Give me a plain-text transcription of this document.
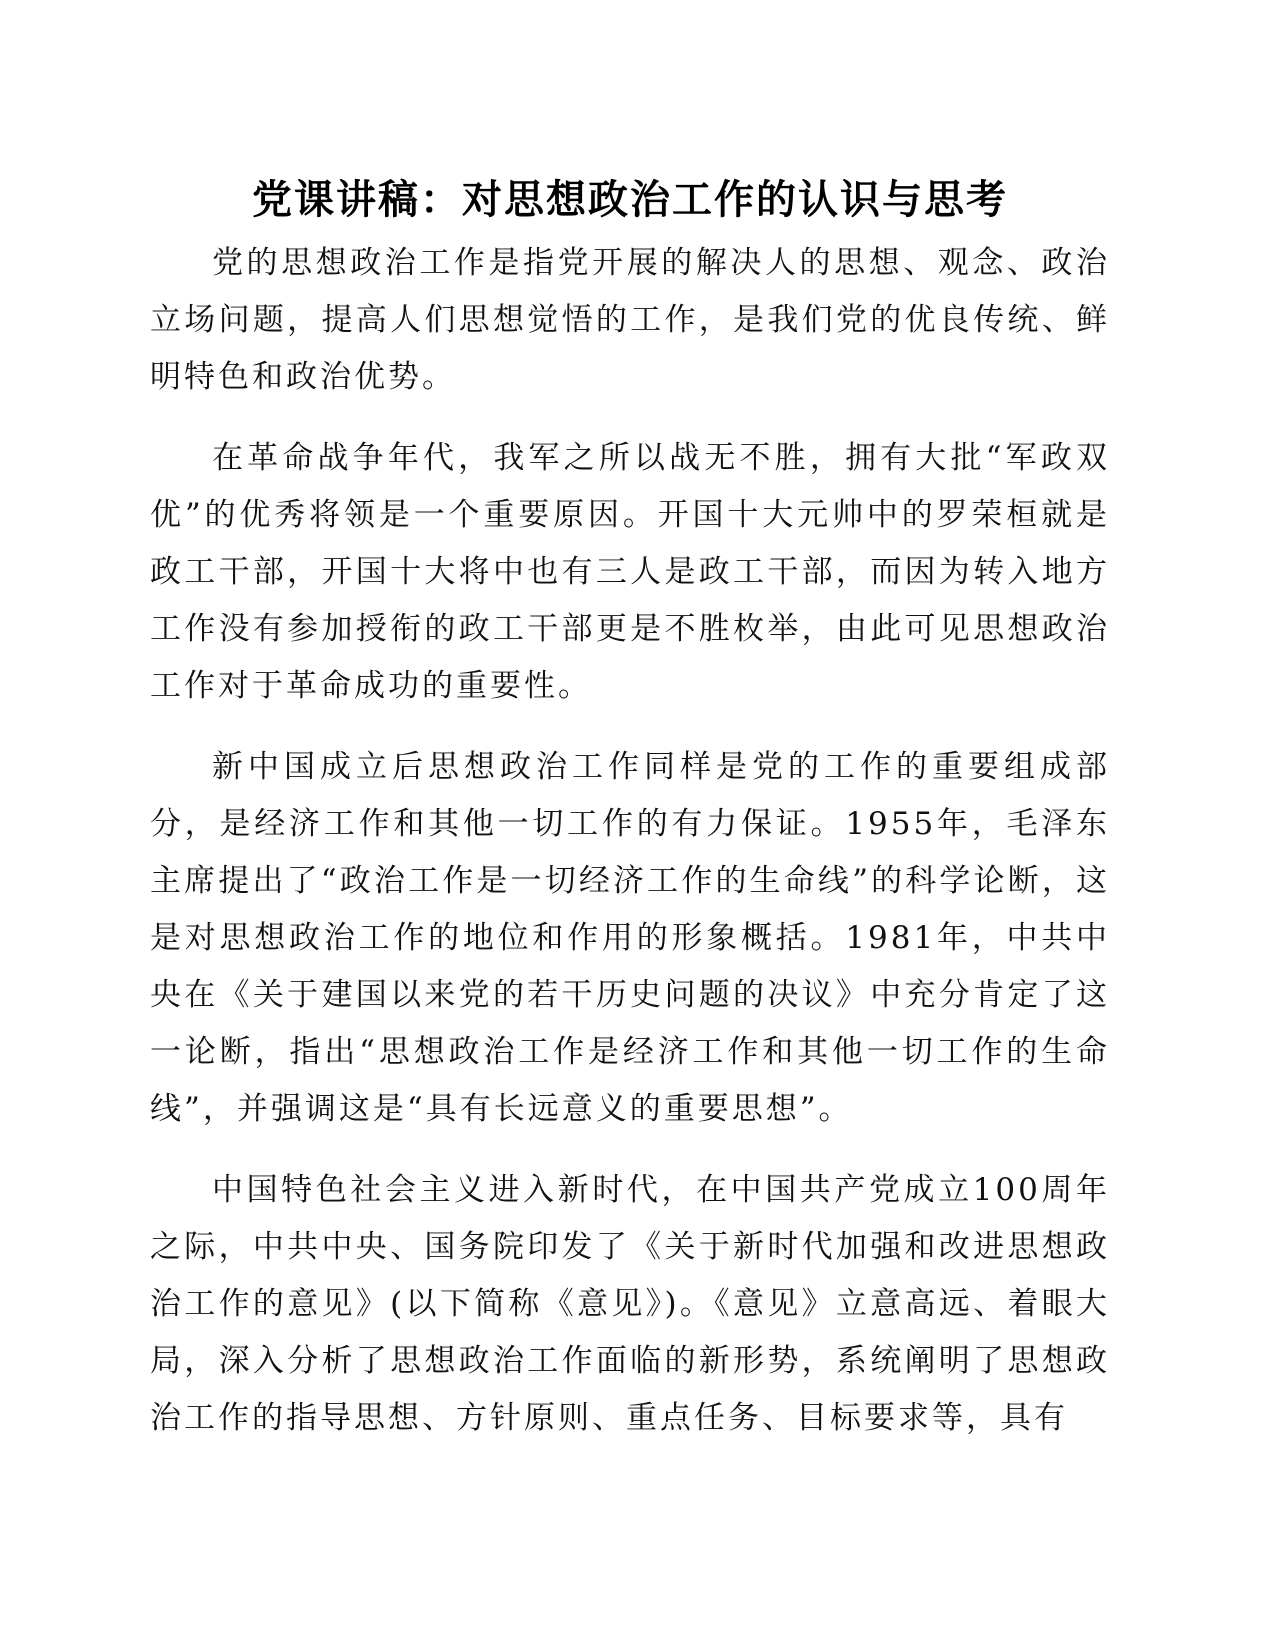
党课讲稿：对思想政治工作的认识与思考

党的思想政治工作是指党开展的解决人的思想、观念、政治立场问题，提高人们思想觉悟的工作，是我们党的优良传统、鲜明特色和政治优势。

在革命战争年代，我军之所以战无不胜，拥有大批“军政双优”的优秀将领是一个重要原因。开国十大元帅中的罗荣桓就是政工干部，开国十大将中也有三人是政工干部，而因为转入地方工作没有参加授衔的政工干部更是不胜枚举，由此可见思想政治工作对于革命成功的重要性。

新中国成立后思想政治工作同样是党的工作的重要组成部分，是经济工作和其他一切工作的有力保证。1955年，毛泽东主席提出了“政治工作是一切经济工作的生命线”的科学论断，这是对思想政治工作的地位和作用的形象概括。1981年，中共中央在《关于建国以来党的若干历史问题的决议》中充分肯定了这一论断，指出“思想政治工作是经济工作和其他一切工作的生命线”，并强调这是“具有长远意义的重要思想”。

中国特色社会主义进入新时代，在中国共产党成立100周年之际，中共中央、国务院印发了《关于新时代加强和改进思想政治工作的意见》(以下简称《意见》)。《意见》立意高远、着眼大局，深入分析了思想政治工作面临的新形势，系统阐明了思想政治工作的指导思想、方针原则、重点任务、目标要求等，具有
